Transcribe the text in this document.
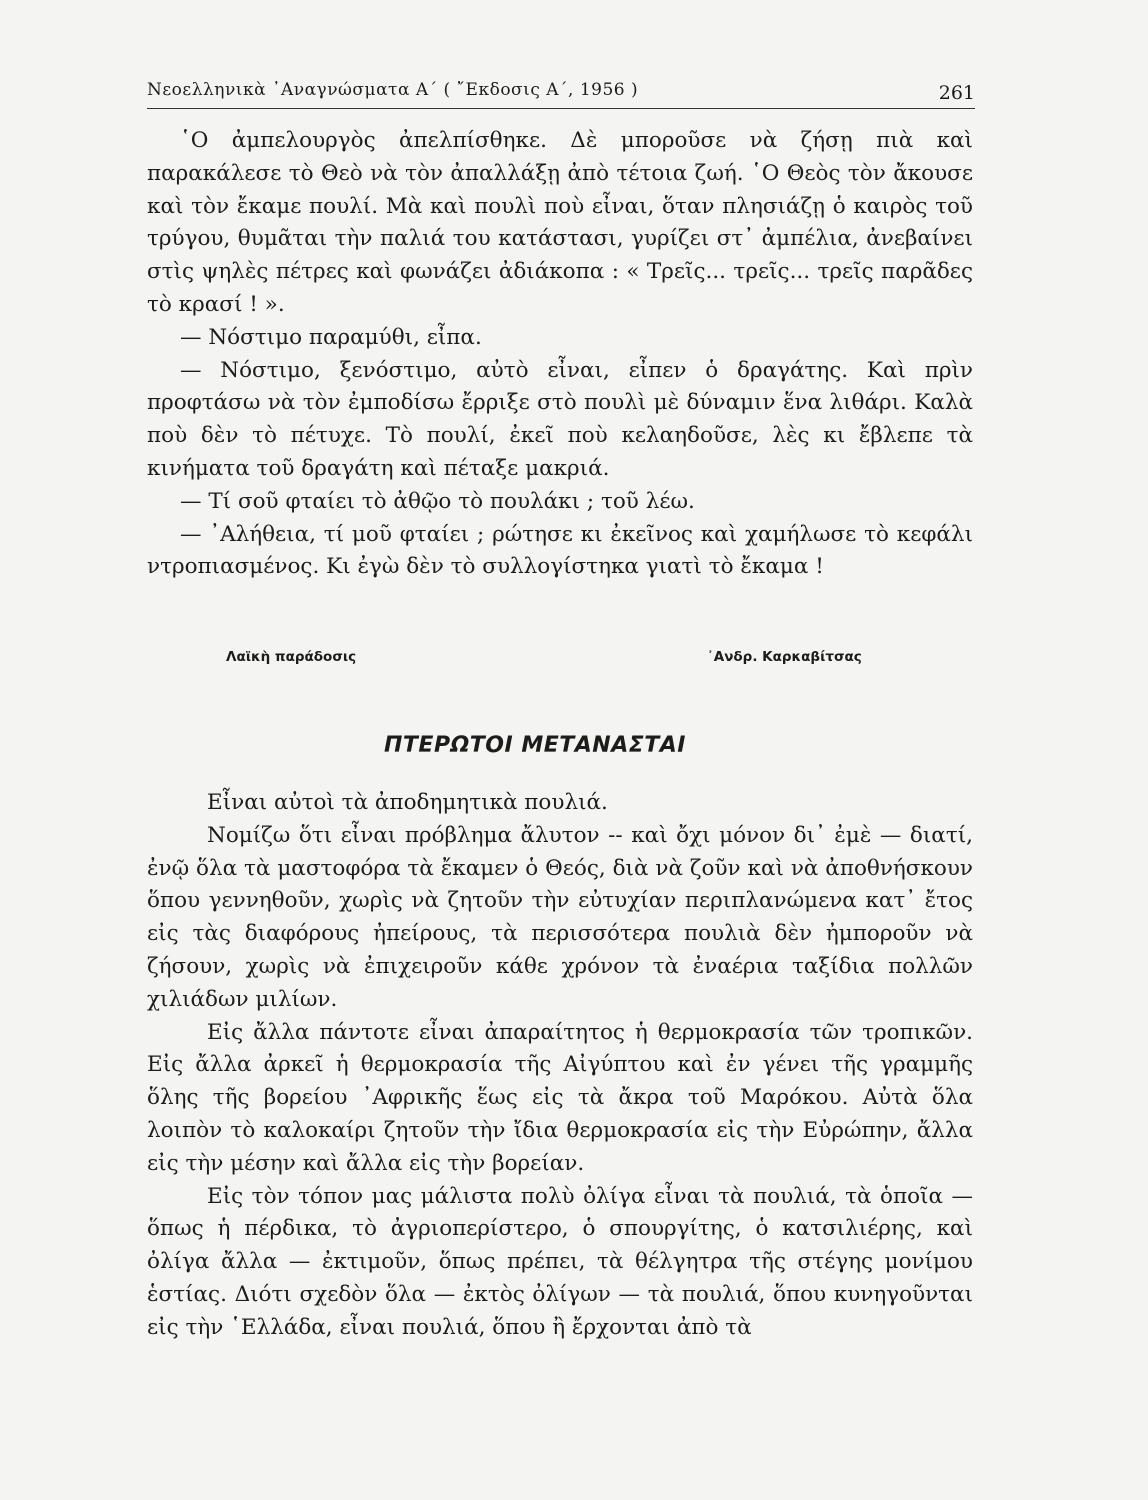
Νεοελληνικὰ ᾿Αναγνώσματα Α΄ ( ῎Εκδοσις Α΄, 1956 )	261

῾Ο ἀμπελουργὸς ἀπελπίσθηκε. Δὲ μποροῦσε νὰ ζήσῃ πιὰ καὶ παρακάλεσε τὸ Θεὸ νὰ τὸν ἀπαλλάξῃ ἀπὸ τέτοια ζωή. ῾Ο Θεὸς τὸν ἄκουσε καὶ τὸν ἔκαμε πουλί. Μὰ καὶ πουλὶ ποὺ εἶναι, ὅταν πλησιάζῃ ὁ καιρὸς τοῦ τρύγου, θυμᾶται τὴν παλιά του κατάστασι, γυρίζει στ᾿ ἀμπέλια, ἀνεβαίνει στὶς ψηλὲς πέτρες καὶ φωνάζει ἀδιάκοπα : « Τρεῖς... τρεῖς... τρεῖς παρᾶδες τὸ κρασί ! ».

— Νόστιμο παραμύθι, εἶπα.

— Νόστιμο, ξενόστιμο, αὐτὸ εἶναι, εἶπεν ὁ δραγάτης. Καὶ πρὶν προφτάσω νὰ τὸν ἐμποδίσω ἔρριξε στὸ πουλὶ μὲ δύναμιν ἕνα λιθάρι. Καλὰ ποὺ δὲν τὸ πέτυχε. Τὸ πουλί, ἐκεῖ ποὺ κελαηδοῦσε, λὲς κι ἔβλεπε τὰ κινήματα τοῦ δραγάτη καὶ πέταξε μακριά.

— Τί σοῦ φταίει τὸ ἀθῷο τὸ πουλάκι ; τοῦ λέω.

— ᾿Αλήθεια, τί μοῦ φταίει ; ρώτησε κι ἐκεῖνος καὶ χαμήλωσε τὸ κεφάλι ντροπιασμένος. Κι ἐγὼ δὲν τὸ συλλογίστηκα γιατὶ τὸ ἔκαμα !

Λαϊκὴ παράδοσις	᾿Ανδρ. Καρκαβίτσας
ΠΤΕΡΩΤΟΙ ΜΕΤΑΝΑΣΤΑΙ

Εἶναι αὐτοὶ τὰ ἀποδημητικὰ πουλιά.

Νομίζω ὅτι εἶναι πρόβλημα ἄλυτον -- καὶ ὄχι μόνον δι᾿ ἐμὲ — διατί, ἐνῷ ὅλα τὰ μαστοφόρα τὰ ἔκαμεν ὁ Θεός, διὰ νὰ ζοῦν καὶ νὰ ἀποθνήσκουν ὅπου γεννηθοῦν, χωρὶς νὰ ζητοῦν τὴν εὐτυχίαν περιπλανώμενα κατ᾿ ἔτος εἰς τὰς διαφόρους ἠπείρους, τὰ περισσότερα πουλιὰ δὲν ἠμποροῦν νὰ ζήσουν, χωρὶς νὰ ἐπιχειροῦν κάθε χρόνον τὰ ἐναέρια ταξίδια πολλῶν χιλιάδων μιλίων.

Εἰς ἄλλα πάντοτε εἶναι ἀπαραίτητος ἡ θερμοκρασία τῶν τροπικῶν. Εἰς ἄλλα ἀρκεῖ ἡ θερμοκρασία τῆς Αἰγύπτου καὶ ἐν γένει τῆς γραμμῆς ὅλης τῆς βορείου ᾿Αφρικῆς ἕως εἰς τὰ ἄκρα τοῦ Μαρόκου. Αὐτὰ ὅλα λοιπὸν τὸ καλοκαίρι ζητοῦν τὴν ἴδια θερμοκρασία εἰς τὴν Εὐρώπην, ἄλλα εἰς τὴν μέσην καὶ ἄλλα εἰς τὴν βορείαν.

Εἰς τὸν τόπον μας μάλιστα πολὺ ὀλίγα εἶναι τὰ πουλιά, τὰ ὁποῖα — ὅπως ἡ πέρδικα, τὸ ἀγριοπερίστερο, ὁ σπουργίτης, ὁ κατσιλιέρης, καὶ ὀλίγα ἄλλα — ἐκτιμοῦν, ὅπως πρέπει, τὰ θέλγητρα τῆς στέγης μονίμου ἑστίας. Διότι σχεδὸν ὅλα — ἐκτὸς ὀλίγων — τὰ πουλιά, ὅπου κυνηγοῦνται εἰς τὴν ῾Ελλάδα, εἶναι πουλιά, ὅπου ἢ ἔρχονται ἀπὸ τὰ
